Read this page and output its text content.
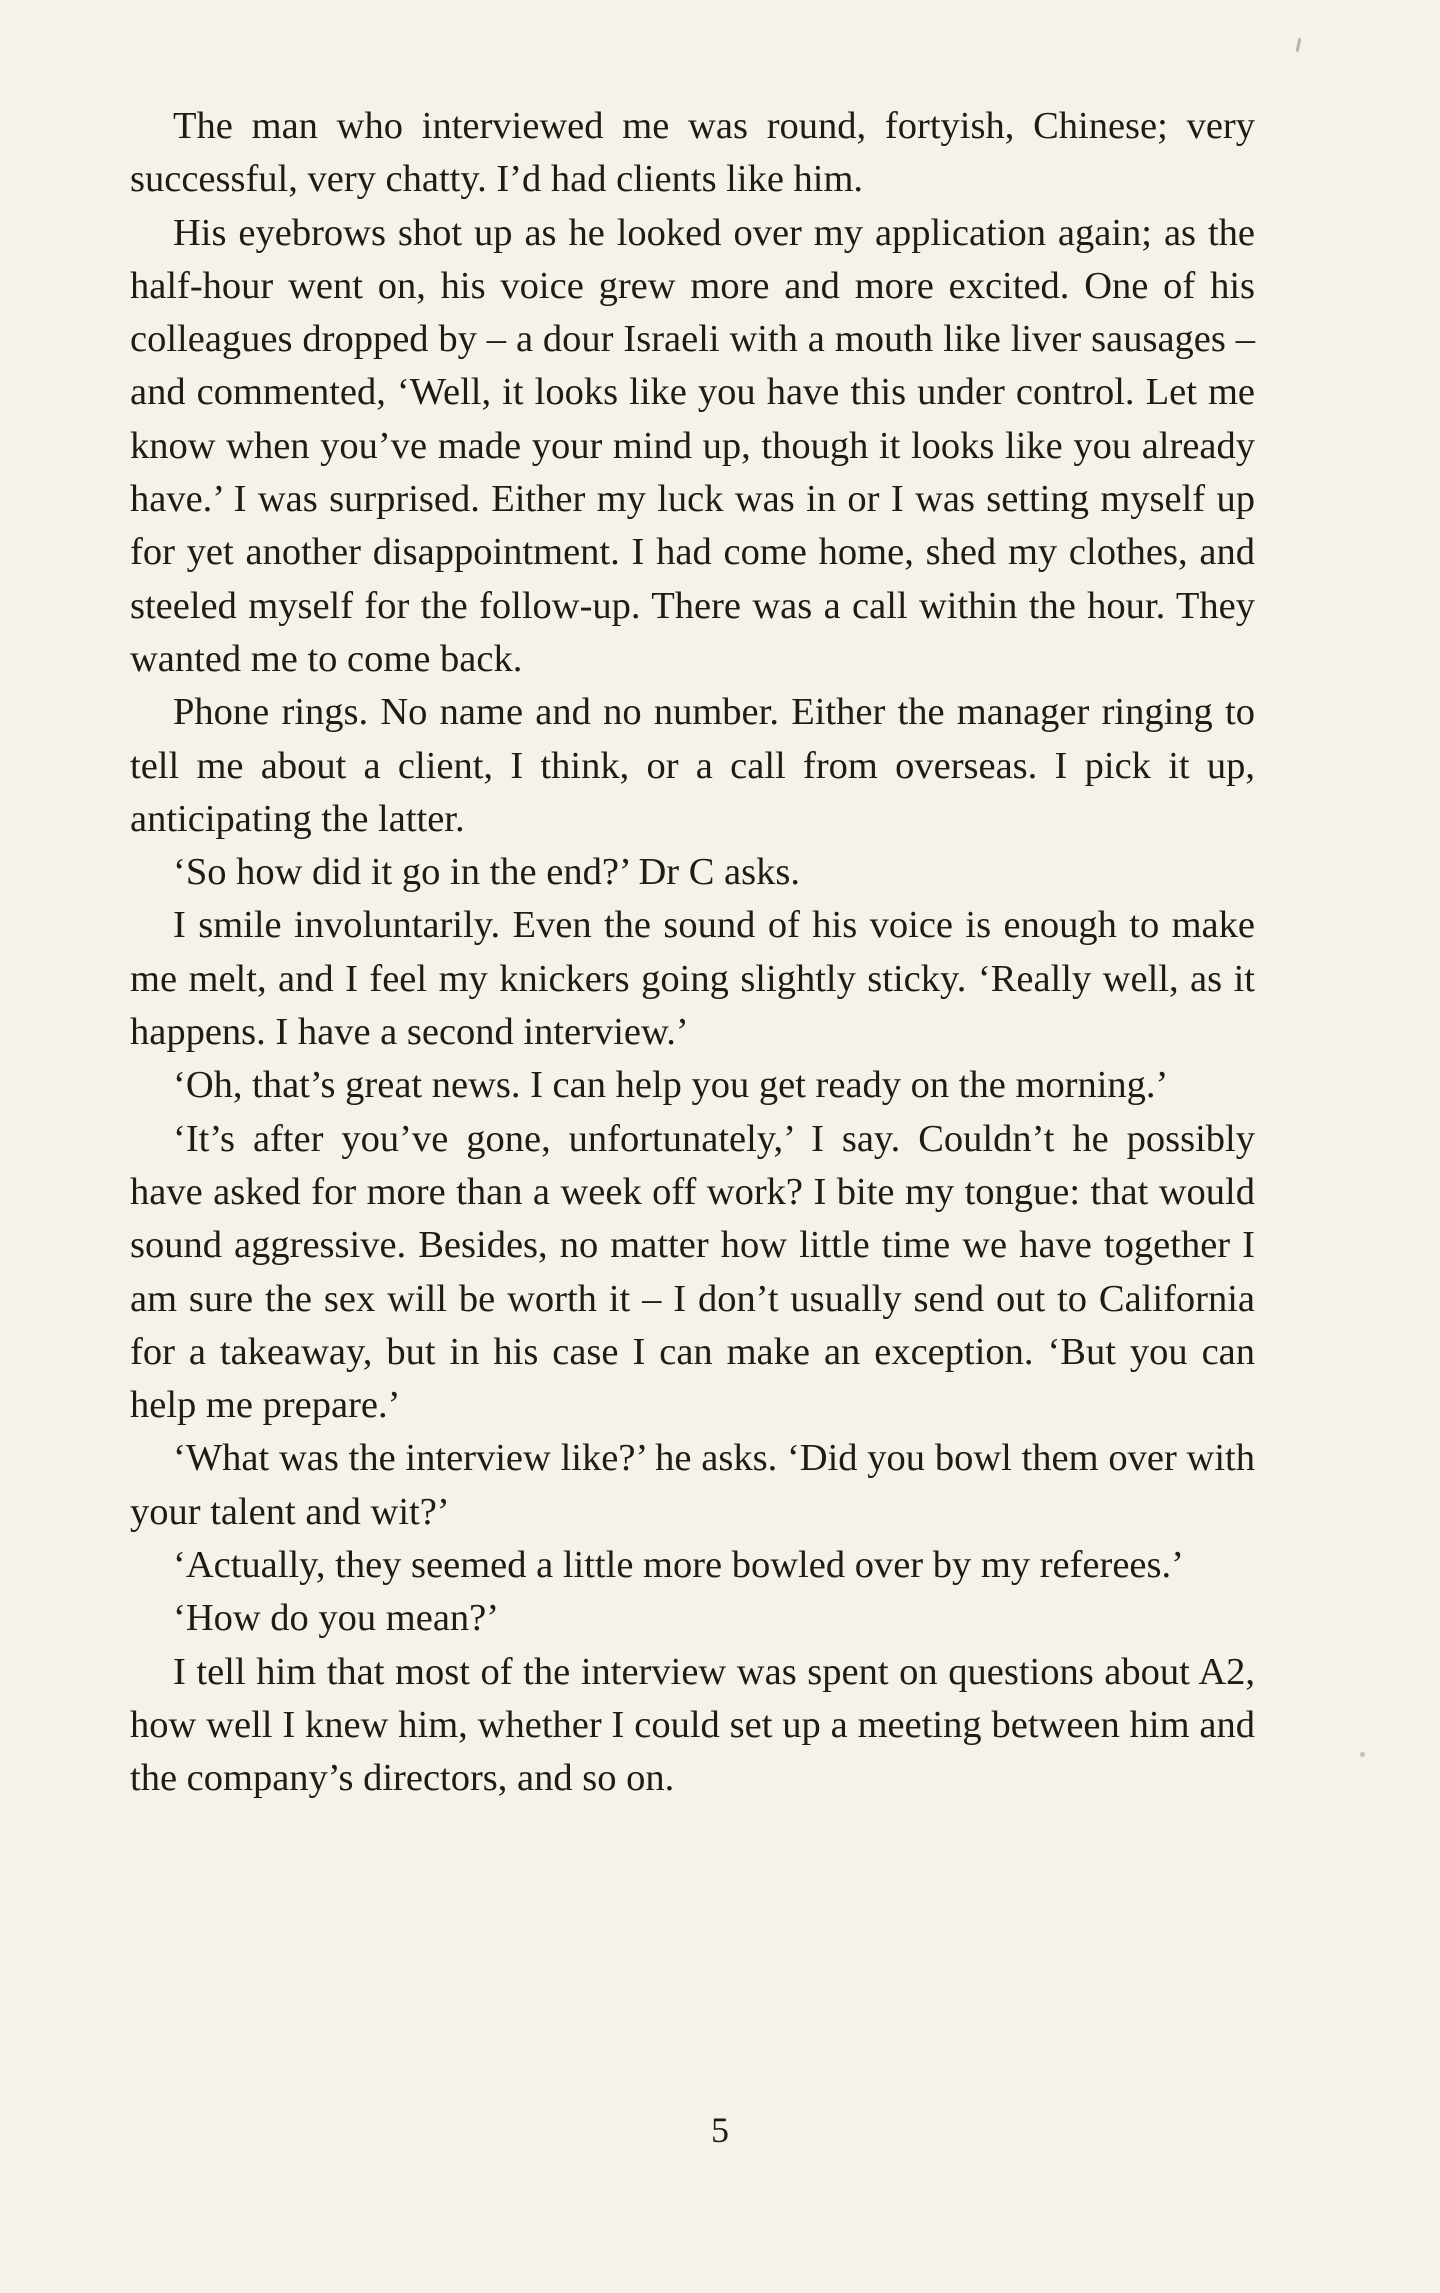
The man who interviewed me was round, fortyish, Chinese; very successful, very chatty. I’d had clients like him.

His eyebrows shot up as he looked over my application again; as the half-hour went on, his voice grew more and more excited. One of his colleagues dropped by – a dour Israeli with a mouth like liver sausages – and commented, ‘Well, it looks like you have this under control. Let me know when you’ve made your mind up, though it looks like you already have.’ I was surprised. Either my luck was in or I was setting myself up for yet another disappointment. I had come home, shed my clothes, and steeled myself for the follow-up. There was a call within the hour. They wanted me to come back.

Phone rings. No name and no number. Either the manager ringing to tell me about a client, I think, or a call from overseas. I pick it up, anticipating the latter.

‘So how did it go in the end?’ Dr C asks.

I smile involuntarily. Even the sound of his voice is enough to make me melt, and I feel my knickers going slightly sticky. ‘Really well, as it happens. I have a second interview.’

‘Oh, that’s great news. I can help you get ready on the morning.’

‘It’s after you’ve gone, unfortunately,’ I say. Couldn’t he possibly have asked for more than a week off work? I bite my tongue: that would sound aggressive. Besides, no matter how little time we have together I am sure the sex will be worth it – I don’t usually send out to California for a takeaway, but in his case I can make an exception. ‘But you can help me prepare.’

‘What was the interview like?’ he asks. ‘Did you bowl them over with your talent and wit?’

‘Actually, they seemed a little more bowled over by my referees.’

‘How do you mean?’

I tell him that most of the interview was spent on questions about A2, how well I knew him, whether I could set up a meeting between him and the company’s directors, and so on.

5
